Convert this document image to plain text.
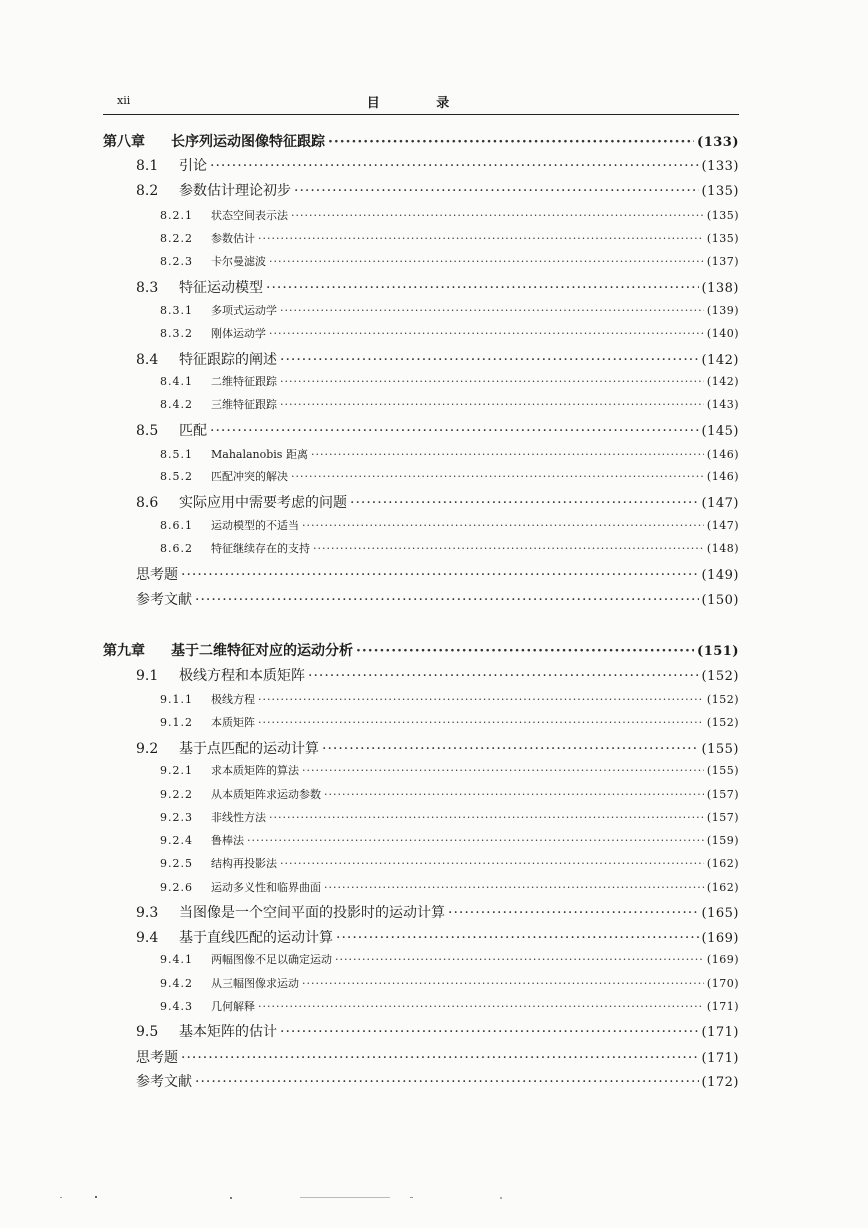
xii	目 录
第八章	长序列运动图像特征跟踪 ·····	(133)
8.1	引论 ·····	(133)
8.2	参数估计理论初步 ·····	(135)
8.2.1	状态空间表示法 ·····	(135)
8.2.2	参数估计 ·····	(135)
8.2.3	卡尔曼滤波 ·····	(137)
8.3	特征运动模型 ·····	(138)
8.3.1	多项式运动学 ·····	(139)
8.3.2	刚体运动学 ·····	(140)
8.4	特征跟踪的阐述 ·····	(142)
8.4.1	二维特征跟踪 ·····	(142)
8.4.2	三维特征跟踪 ·····	(143)
8.5	匹配 ·····	(145)
8.5.1	Mahalanobis 距离 ·····	(146)
8.5.2	匹配冲突的解决 ·····	(146)
8.6	实际应用中需要考虑的问题 ·····	(147)
8.6.1	运动模型的不适当 ·····	(147)
8.6.2	特征继续存在的支持 ·····	(148)
思考题 ·····	(149)
参考文献 ·····	(150)
第九章	基于二维特征对应的运动分析 ·····	(151)
9.1	极线方程和本质矩阵 ·····	(152)
9.1.1	极线方程 ·····	(152)
9.1.2	本质矩阵 ·····	(152)
9.2	基于点匹配的运动计算 ·····	(155)
9.2.1	求本质矩阵的算法 ·····	(155)
9.2.2	从本质矩阵求运动参数 ·····	(157)
9.2.3	非线性方法 ·····	(157)
9.2.4	鲁棒法 ·····	(159)
9.2.5	结构再投影法 ·····	(162)
9.2.6	运动多义性和临界曲面 ·····	(162)
9.3	当图像是一个空间平面的投影时的运动计算 ·····	(165)
9.4	基于直线匹配的运动计算 ·····	(169)
9.4.1	两幅图像不足以确定运动 ·····	(169)
9.4.2	从三幅图像求运动 ·····	(170)
9.4.3	几何解释 ·····	(171)
9.5	基本矩阵的估计 ·····	(171)
思考题 ·····	(171)
参考文献 ·····	(172)
